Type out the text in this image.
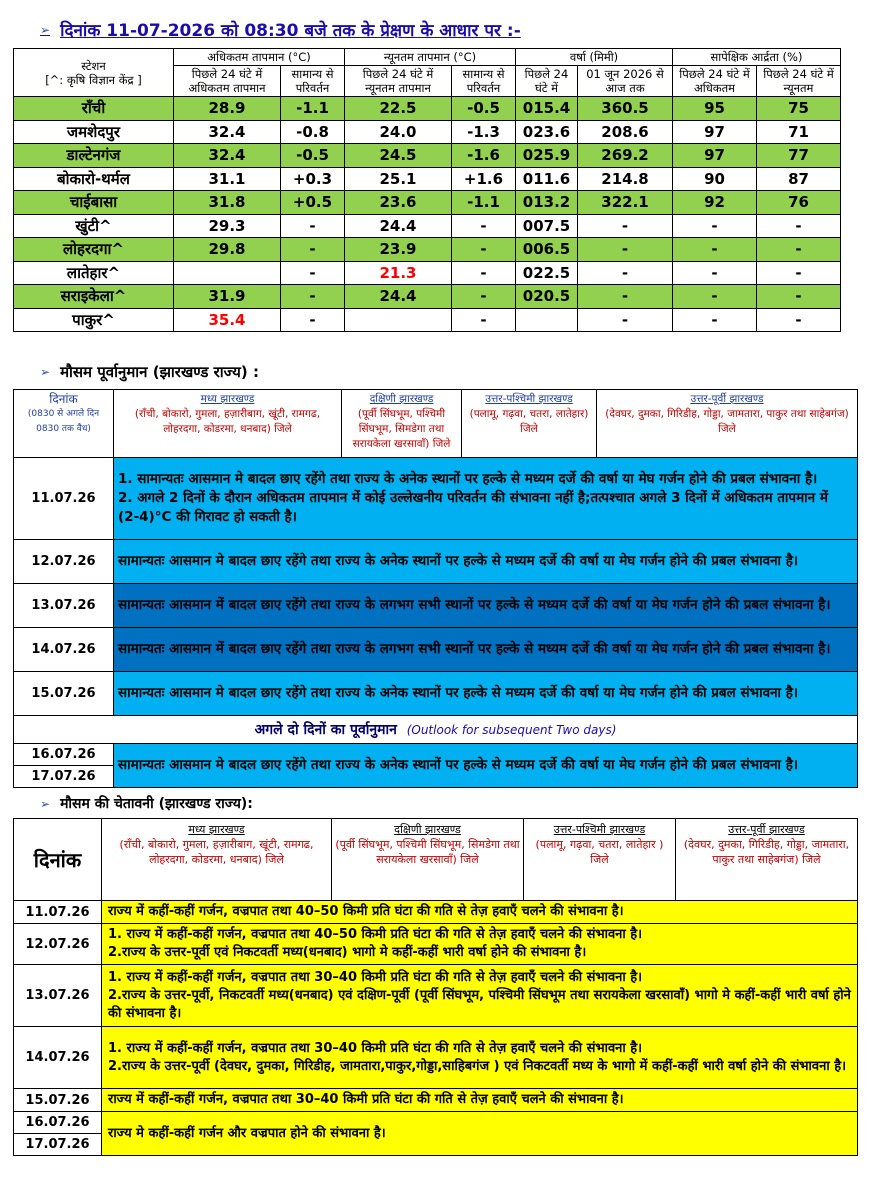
➢ दिनांक 11-07-2026 को 08:30 बजे तक के प्रेक्षण के आधार पर :-
स्टेशन
[^: कृषि विज्ञान केंद्र ]	अधिकतम तापमान (°C)		न्यूनतम तापमान (°C)		वर्षा (मिमी)		सापेक्षिक आर्द्रता (%)	
	पिछले 24 घंटे में अधिकतम तापमान	सामान्य से परिवर्तन	पिछले 24 घंटे में न्यूनतम तापमान	सामान्य से परिवर्तन	पिछले 24 घंटे में	01 जून 2026 से आज तक	पिछले 24 घंटे में अधिकतम	पिछले 24 घंटे में न्यूनतम
राँची	28.9	-1.1	22.5	-0.5	015.4	360.5	95	75
जमशेदपुर	32.4	-0.8	24.0	-1.3	023.6	208.6	97	71
डाल्टेनगंज	32.4	-0.5	24.5	-1.6	025.9	269.2	97	77
बोकारो-थर्मल	31.1	+0.3	25.1	+1.6	011.6	214.8	90	87
चाईबासा	31.8	+0.5	23.6	-1.1	013.2	322.1	92	76
खुंटी^	29.3	-	24.4	-	007.5	-	-	-
लोहरदगा^	29.8	-	23.9	-	006.5	-	-	-
लातेहार^		-	21.3	-	022.5	-	-	-
सराइकेला^	31.9	-	24.4	-	020.5	-	-	-
पाकुर^	35.4	-		-		-	-	-
➢ मौसम पूर्वानुमान (झारखण्ड राज्य) :
दिनांक
(0830 से अगले दिन 0830 तक वैध)	मध्य झारखण्ड
(राँची, बोकारो, गुमला, हज़ारीबाग, खूंटी, रामगढ, लोहरदगा, कोडरमा, धनबाद) जिले	दक्षिणी झारखण्ड
(पूर्वी सिंघभूम, पश्चिमी सिंघभूम, सिमडेगा तथा सरायकेला खरसावाँ) जिले	उत्तर-पश्चिमी झारखण्ड
(पलामू, गढ़वा, चतरा, लातेहार) जिले	उत्तर-पूर्वी झारखण्ड
(देवघर, दुमका, गिरिडीह, गोड्डा, जामतारा, पाकुर तथा साहेबगंज) जिले
11.07.26	1. सामान्यतः आसमान मे बादल छाए रहेंगे तथा राज्य के अनेक स्थानों पर हल्के से मध्यम दर्जे की वर्षा या मेघ गर्जन होने की प्रबल संभावना है।
2. अगले 2 दिनों के दौरान अधिकतम तापमान में कोई उल्लेखनीय परिवर्तन की संभावना नहीं है;तत्पश्चात अगले 3 दिनों में अधिकतम तापमान में (2-4)°C की गिरावट हो सकती है।			
12.07.26	सामान्यतः आसमान मे बादल छाए रहेंगे तथा राज्य के अनेक स्थानों पर हल्के से मध्यम दर्जे की वर्षा या मेघ गर्जन होने की प्रबल संभावना है।			
13.07.26	सामान्यतः आसमान में बादल छाए रहेंगे तथा राज्य के लगभग सभी स्थानों पर हल्के से मध्यम दर्जे की वर्षा या मेघ गर्जन होने की प्रबल संभावना है।			
14.07.26	सामान्यतः आसमान में बादल छाए रहेंगे तथा राज्य के लगभग सभी स्थानों पर हल्के से मध्यम दर्जे की वर्षा या मेघ गर्जन होने की प्रबल संभावना है।			
15.07.26	सामान्यतः आसमान मे बादल छाए रहेंगे तथा राज्य के अनेक स्थानों पर हल्के से मध्यम दर्जे की वर्षा या मेघ गर्जन होने की प्रबल संभावना है।			
अगले दो दिनों का पूर्वानुमान (Outlook for subsequent Two days)				
16.07.26	सामान्यतः आसमान मे बादल छाए रहेंगे तथा राज्य के अनेक स्थानों पर हल्के से मध्यम दर्जे की वर्षा या मेघ गर्जन होने की प्रबल संभावना है।			
17.07.26				
➢ मौसम की चेतावनी (झारखण्ड राज्य):
दिनांक	मध्य झारखण्ड
(राँची, बोकारो, गुमला, हज़ारीबाग, खूंटी, रामगढ, लोहरदगा, कोडरमा, धनबाद) जिले	दक्षिणी झारखण्ड
(पूर्वी सिंघभूम, पश्चिमी सिंघभूम, सिमडेगा तथा सरायकेला खरसावाँ) जिले	उत्तर-पश्चिमी झारखण्ड
(पलामू, गढ़वा, चतरा, लातेहार ) जिले	उत्तर-पूर्वी झारखण्ड
(देवघर, दुमका, गिरिडीह, गोड्डा, जामतारा, पाकुर तथा साहेबगंज) जिले
11.07.26	राज्य में कहीं-कहीं गर्जन, वज्रपात तथा 40–50 किमी प्रति घंटा की गति से तेज़ हवाएँ चलने की संभावना है।			
12.07.26	1. राज्य में कहीं-कहीं गर्जन, वज्रपात तथा 40–50 किमी प्रति घंटा की गति से तेज़ हवाएँ चलने की संभावना है।
2.राज्य के उत्तर-पूर्वी एवं निकटवर्ती मध्य(धनबाद) भागो मे कहीं-कहीं भारी वर्षा होने की संभावना है।			
13.07.26	1. राज्य में कहीं-कहीं गर्जन, वज्रपात तथा 30–40 किमी प्रति घंटा की गति से तेज़ हवाएँ चलने की संभावना है।
2.राज्य के उत्तर-पूर्वी, निकटवर्ती मध्य(धनबाद) एवं दक्षिण-पूर्वी (पूर्वी सिंघभूम, पश्चिमी सिंघभूम तथा सरायकेला खरसावाँ) भागो मे कहीं-कहीं भारी वर्षा होने की संभावना है।			
14.07.26	1. राज्य में कहीं-कहीं गर्जन, वज्रपात तथा 30–40 किमी प्रति घंटा की गति से तेज़ हवाएँ चलने की संभावना है।
2.राज्य के उत्तर-पूर्वी (देवघर, दुमका, गिरिडीह, जामतारा,पाकुर,गोड्डा,साहिबगंज ) एवं निकटवर्ती मध्य के भागो में कहीं-कहीं भारी वर्षा होने की संभावना है।			
15.07.26	राज्य में कहीं-कहीं गर्जन, वज्रपात तथा 30–40 किमी प्रति घंटा की गति से तेज़ हवाएँ चलने की संभावना है।			
16.07.26	राज्य मे कहीं-कहीं गर्जन और वज्रपात होने की संभावना है।			
17.07.26				
